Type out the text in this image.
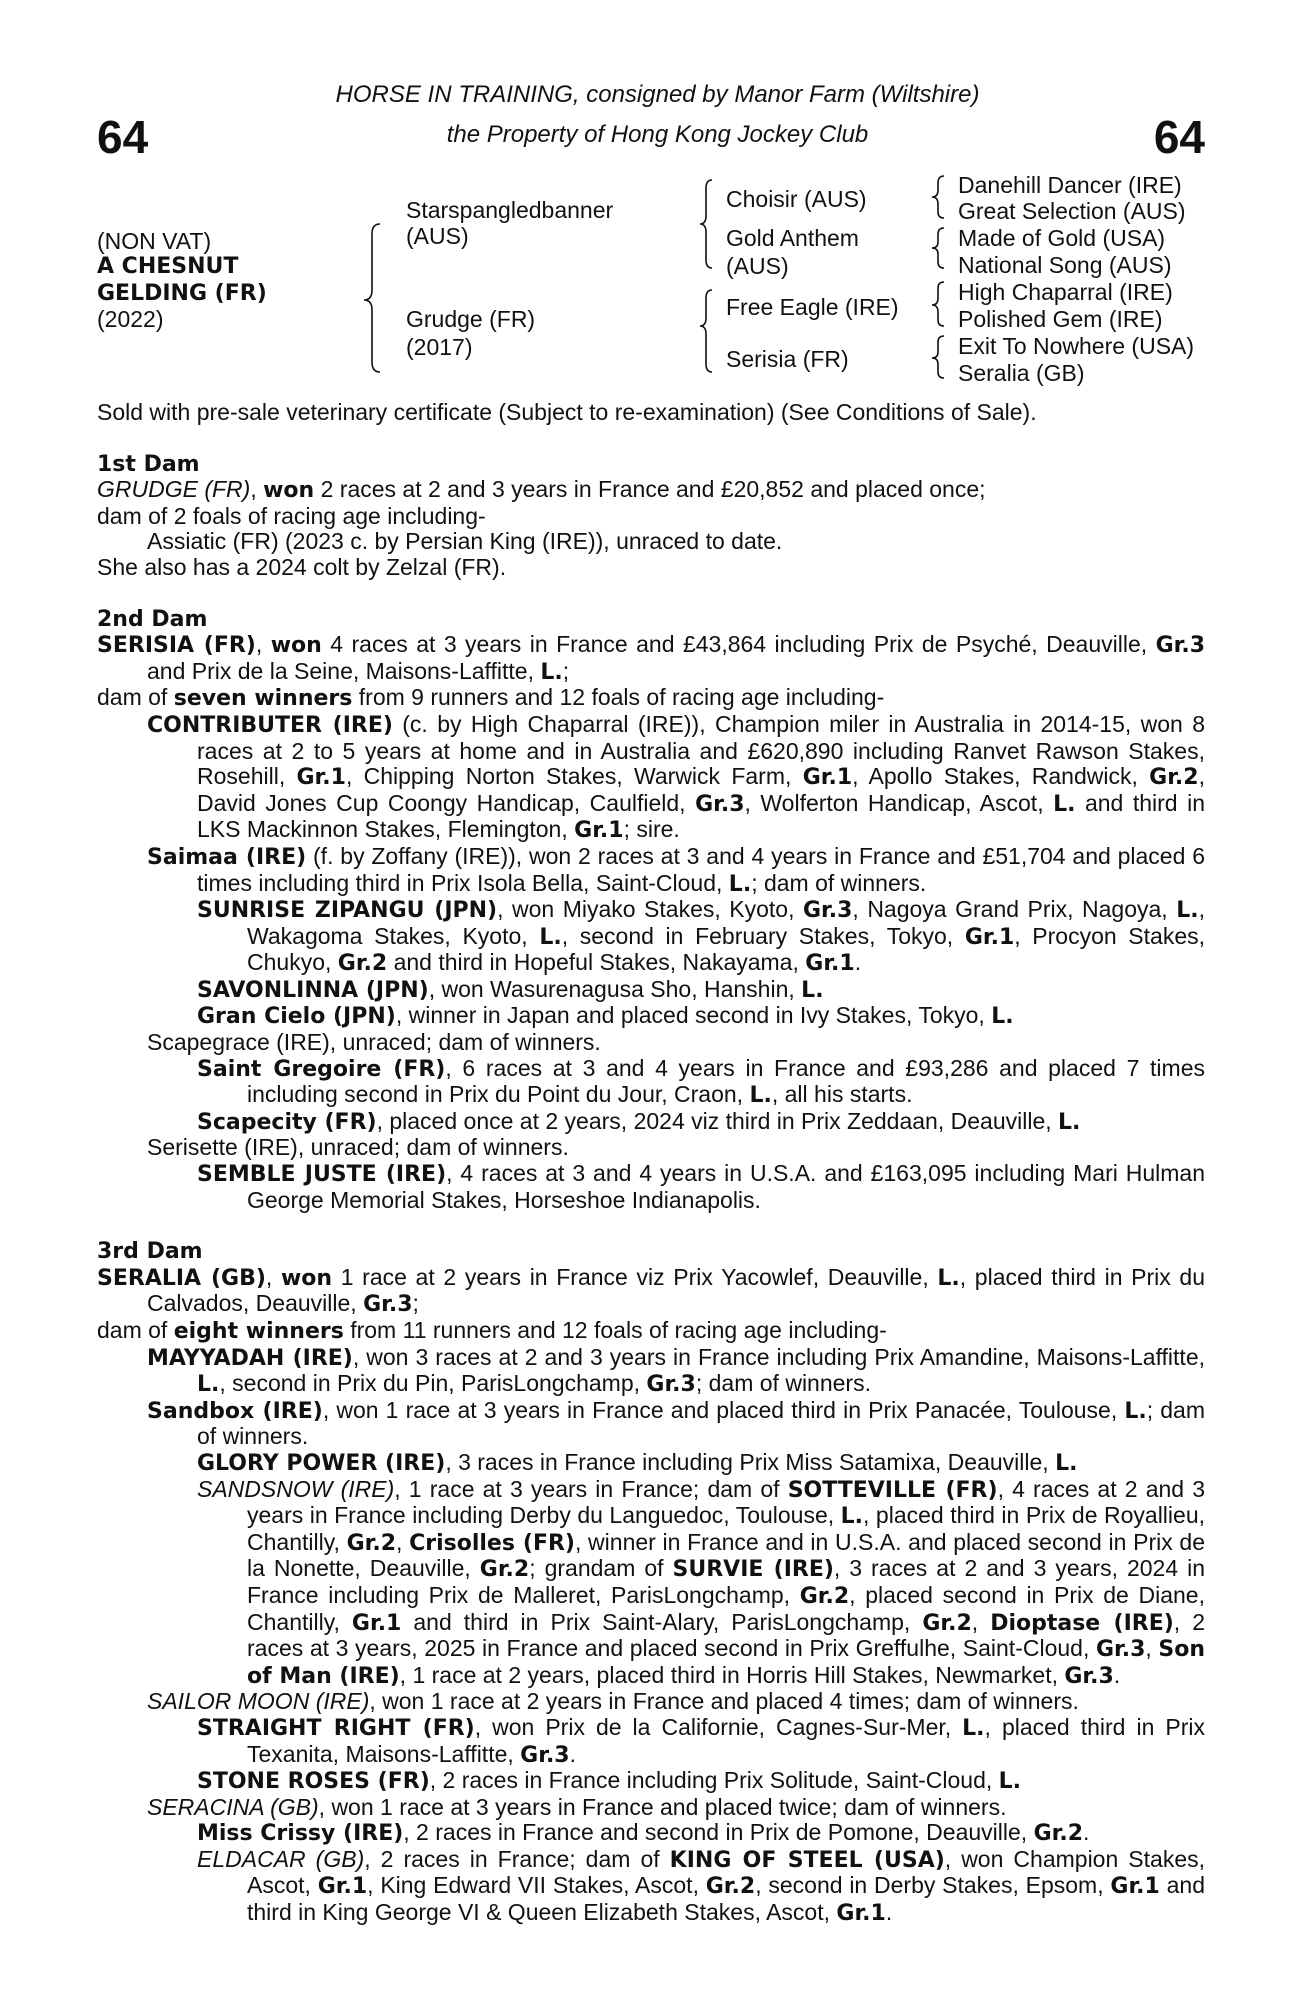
64	64
HORSE IN TRAINING, consigned by Manor Farm (Wiltshire)
the Property of Hong Kong Jockey Club
(NON VAT)
A CHESNUT
GELDING (FR)
(2022)
Starspangledbanner
(AUS)
Grudge (FR)
(2017)
Choisir (AUS)
Gold Anthem
(AUS)
Free Eagle (IRE)
Serisia (FR)
Danehill Dancer (IRE)
Great Selection (AUS)
Made of Gold (USA)
National Song (AUS)
High Chaparral (IRE)
Polished Gem (IRE)
Exit To Nowhere (USA)
Seralia (GB)

Sold with pre-sale veterinary certificate (Subject to re-examination) (See Conditions of Sale).

1st Dam

GRUDGE (FR), won 2 races at 2 and 3 years in France and £20,852 and placed once;

dam of 2 foals of racing age including-

Assiatic (FR) (2023 c. by Persian King (IRE)), unraced to date.

She also has a 2024 colt by Zelzal (FR).

2nd Dam

SERISIA (FR), won 4 races at 3 years in France and £43,864 including Prix de Psyché, Deauville, Gr.3 and Prix de la Seine, Maisons-Laffitte, L.;

dam of seven winners from 9 runners and 12 foals of racing age including-

CONTRIBUTER (IRE) (c. by High Chaparral (IRE)), Champion miler in Australia in 2014-15, won 8 races at 2 to 5 years at home and in Australia and £620,890 including Ranvet Rawson Stakes, Rosehill, Gr.1, Chipping Norton Stakes, Warwick Farm, Gr.1, Apollo Stakes, Randwick, Gr.2, David Jones Cup Coongy Handicap, Caulfield, Gr.3, Wolferton Handicap, Ascot, L. and third in LKS Mackinnon Stakes, Flemington, Gr.1; sire.

Saimaa (IRE) (f. by Zoffany (IRE)), won 2 races at 3 and 4 years in France and £51,704 and placed 6 times including third in Prix Isola Bella, Saint-Cloud, L.; dam of winners.

SUNRISE ZIPANGU (JPN), won Miyako Stakes, Kyoto, Gr.3, Nagoya Grand Prix, Nagoya, L., Wakagoma Stakes, Kyoto, L., second in February Stakes, Tokyo, Gr.1, Procyon Stakes, Chukyo, Gr.2 and third in Hopeful Stakes, Nakayama, Gr.1.

SAVONLINNA (JPN), won Wasurenagusa Sho, Hanshin, L.

Gran Cielo (JPN), winner in Japan and placed second in Ivy Stakes, Tokyo, L.

Scapegrace (IRE), unraced; dam of winners.

Saint Gregoire (FR), 6 races at 3 and 4 years in France and £93,286 and placed 7 times including second in Prix du Point du Jour, Craon, L., all his starts.

Scapecity (FR), placed once at 2 years, 2024 viz third in Prix Zeddaan, Deauville, L.

Serisette (IRE), unraced; dam of winners.

SEMBLE JUSTE (IRE), 4 races at 3 and 4 years in U.S.A. and £163,095 including Mari Hulman George Memorial Stakes, Horseshoe Indianapolis.

3rd Dam

SERALIA (GB), won 1 race at 2 years in France viz Prix Yacowlef, Deauville, L., placed third in Prix du Calvados, Deauville, Gr.3;

dam of eight winners from 11 runners and 12 foals of racing age including-

MAYYADAH (IRE), won 3 races at 2 and 3 years in France including Prix Amandine, Maisons-Laffitte, L., second in Prix du Pin, ParisLongchamp, Gr.3; dam of winners.

Sandbox (IRE), won 1 race at 3 years in France and placed third in Prix Panacée, Toulouse, L.; dam of winners.

GLORY POWER (IRE), 3 races in France including Prix Miss Satamixa, Deauville, L.

SANDSNOW (IRE), 1 race at 3 years in France; dam of SOTTEVILLE (FR), 4 races at 2 and 3 years in France including Derby du Languedoc, Toulouse, L., placed third in Prix de Royallieu, Chantilly, Gr.2, Crisolles (FR), winner in France and in U.S.A. and placed second in Prix de la Nonette, Deauville, Gr.2; grandam of SURVIE (IRE), 3 races at 2 and 3 years, 2024 in France including Prix de Malleret, ParisLongchamp, Gr.2, placed second in Prix de Diane, Chantilly, Gr.1 and third in Prix Saint-Alary, ParisLongchamp, Gr.2, Dioptase (IRE), 2 races at 3 years, 2025 in France and placed second in Prix Greffulhe, Saint-Cloud, Gr.3, Son of Man (IRE), 1 race at 2 years, placed third in Horris Hill Stakes, Newmarket, Gr.3.

SAILOR MOON (IRE), won 1 race at 2 years in France and placed 4 times; dam of winners.

STRAIGHT RIGHT (FR), won Prix de la Californie, Cagnes-Sur-Mer, L., placed third in Prix Texanita, Maisons-Laffitte, Gr.3.

STONE ROSES (FR), 2 races in France including Prix Solitude, Saint-Cloud, L.

SERACINA (GB), won 1 race at 3 years in France and placed twice; dam of winners.

Miss Crissy (IRE), 2 races in France and second in Prix de Pomone, Deauville, Gr.2.

ELDACAR (GB), 2 races in France; dam of KING OF STEEL (USA), won Champion Stakes, Ascot, Gr.1, King Edward VII Stakes, Ascot, Gr.2, second in Derby Stakes, Epsom, Gr.1 and third in King George VI & Queen Elizabeth Stakes, Ascot, Gr.1.
